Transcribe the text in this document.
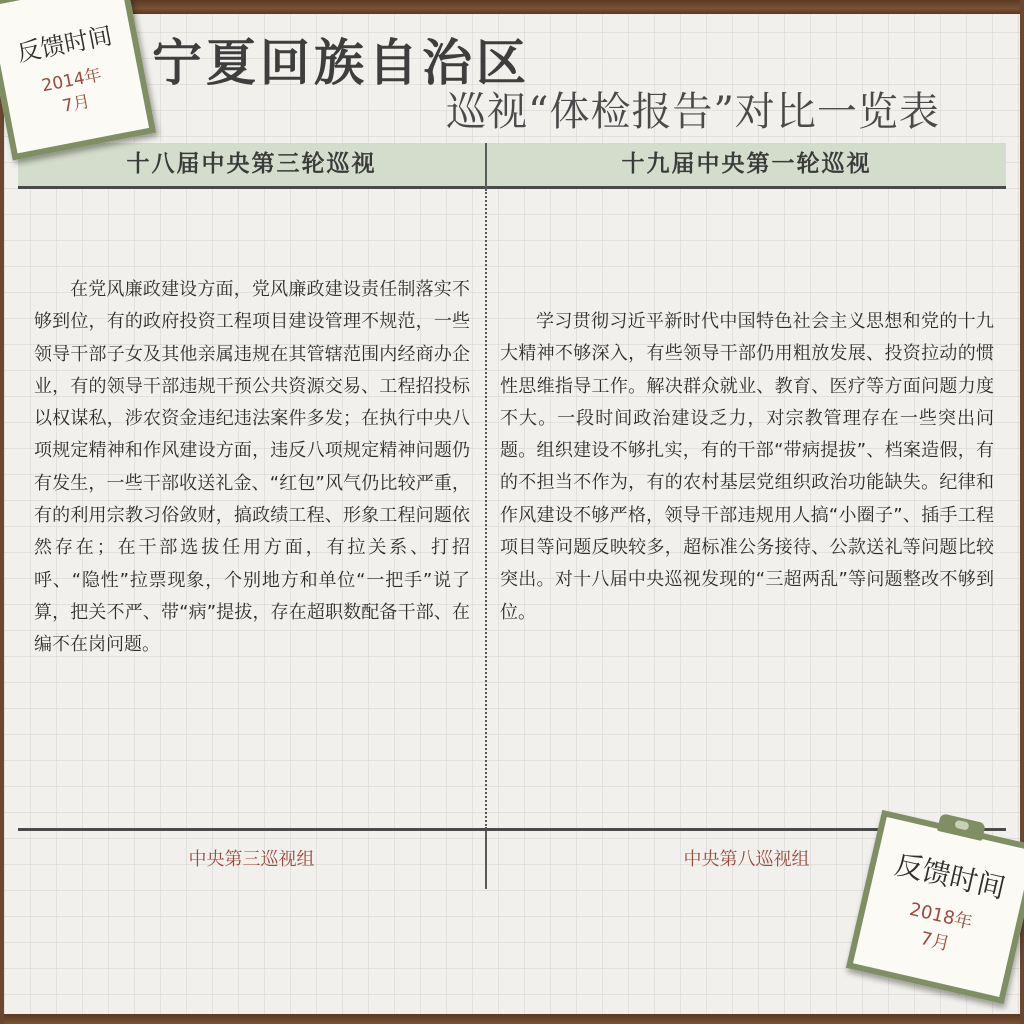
宁夏回族自治区
巡视“体检报告”对比一览表
十八届中央第三轮巡视	十九届中央第一轮巡视

在党风廉政建设方面，党风廉政建设责任制落实不够到位，有的政府投资工程项目建设管理不规范，一些领导干部子女及其他亲属违规在其管辖范围内经商办企业，有的领导干部违规干预公共资源交易、工程招投标以权谋私，涉农资金违纪违法案件多发；在执行中央八项规定精神和作风建设方面，违反八项规定精神问题仍有发生，一些干部收送礼金、“红包”风气仍比较严重，有的利用宗教习俗敛财，搞政绩工程、形象工程问题依然存在；在干部选拔任用方面，有拉关系、打招呼、“隐性”拉票现象，个别地方和单位“一把手”说了算，把关不严、带“病”提拔，存在超职数配备干部、在编不在岗问题。

学习贯彻习近平新时代中国特色社会主义思想和党的十九大精神不够深入，有些领导干部仍用粗放发展、投资拉动的惯性思维指导工作。解决群众就业、教育、医疗等方面问题力度不大。一段时间政治建设乏力，对宗教管理存在一些突出问题。组织建设不够扎实，有的干部“带病提拔”、档案造假，有的不担当不作为，有的农村基层党组织政治功能缺失。纪律和作风建设不够严格，领导干部违规用人搞“小圈子”、插手工程项目等问题反映较多，超标准公务接待、公款送礼等问题比较突出。对十八届中央巡视发现的“三超两乱”等问题整改不够到位。

中央第三巡视组	中央第八巡视组
反馈时间
2014年
7月
反馈时间
2018年
7月
